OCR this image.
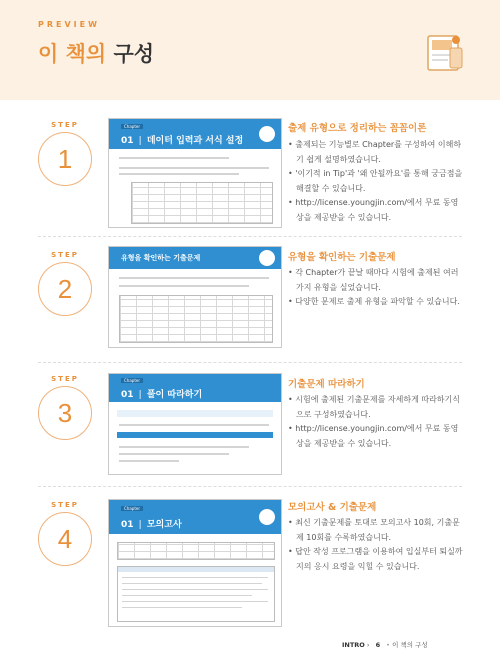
PREVIEW
이 책의 구성
STEP
1
Chapter
01 | 데이터 입력과 서식 설정
출제 유형으로 정리하는 꼼꼼이론
• 출제되는 기능별로 Chapter를 구성하여 이해하기 쉽게 설명하였습니다.
• '이기적 in Tip'과 '왜 안될까요'를 통해 궁금점을 해결할 수 있습니다.
• http://license.youngjin.com/에서 무료 동영상을 제공받을 수 있습니다.
STEP
2
유형을 확인하는 기출문제	유형을 확인하는 기출문제
• 각 Chapter가 끝날 때마다 시험에 출제된 여러 가지 유형을 실었습니다.
• 다양한 문제로 출제 유형을 파악할 수 있습니다.
STEP
3
Chapter
01 | 풀이 따라하기
기출문제 따라하기
• 시험에 출제된 기출문제를 자세하게 따라하기식으로 구성하였습니다.
• http://license.youngjin.com/에서 무료 동영상을 제공받을 수 있습니다.
STEP
4
Chapter
01 | 모의고사
모의고사 & 기출문제
• 최신 기출문제를 토대로 모의고사 10회, 기출문제 10회를 수록하였습니다.
• 답안 작성 프로그램을 이용하여 입실부터 퇴실까지의 응시 요령을 익힐 수 있습니다.
INTRO › 6 • 이 책의 구성
